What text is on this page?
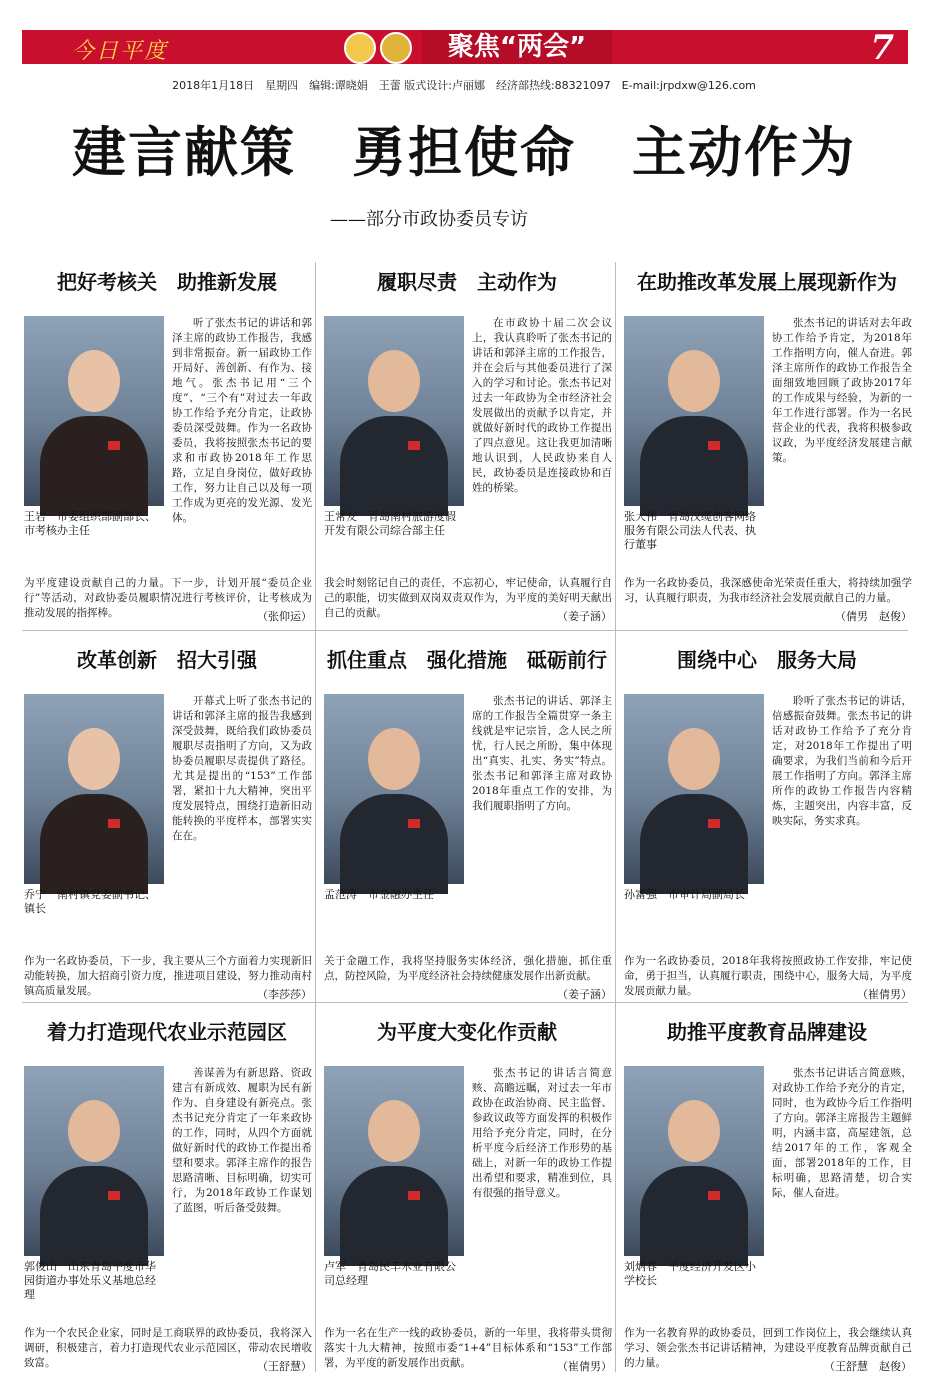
今日平度	聚焦“两会”	7
2018年1月18日　星期四　编辑:谭晓娟　王蕾 版式设计:卢丽娜　经济部热线:88321097　E-mail:jrpdxw@126.com
建言献策　勇担使命　主动作为
——部分市政协委员专访
把好考核关　助推新发展
王岩　市委组织部副部长、市考核办主任
听了张杰书记的讲话和郭泽主席的政协工作报告，我感到非常振奋。新一届政协工作开局好、善创新、有作为、接地气。张杰书记用“三个度”、“三个有”对过去一年政协工作给予充分肯定，让政协委员深受鼓舞。作为一名政协委员，我将按照张杰书记的要求和市政协2018年工作思路，立足自身岗位，做好政协工作，努力让自己以及每一项工作成为更亮的发光源、发光体。
为平度建设贡献自己的力量。下一步，计划开展“委员企业行”等活动，对政协委员履职情况进行考核评价，让考核成为推动发展的指挥棒。	（张仰运）
履职尽责　主动作为
王常友　青岛南村旅游度假开发有限公司综合部主任
在市政协十届二次会议上，我认真聆听了张杰书记的讲话和郭泽主席的工作报告，并在会后与其他委员进行了深入的学习和讨论。张杰书记对过去一年政协为全市经济社会发展做出的贡献予以肯定，并就做好新时代的政协工作提出了四点意见。这让我更加清晰地认识到，人民政协来自人民，政协委员是连接政协和百姓的桥梁。
我会时刻铭记自己的责任，不忘初心，牢记使命，认真履行自己的职能，切实做到双岗双责双作为，为平度的美好明天献出自己的贡献。	（姜子涵）
在助推改革发展上展现新作为
张大伟　青岛汉缆创客网络服务有限公司法人代表、执行董事
张杰书记的讲话对去年政协工作给予肯定，为2018年工作指明方向，催人奋进。郭泽主席所作的政协工作报告全面细致地回顾了政协2017年的工作成果与经验，为新的一年工作进行部署。作为一名民营企业的代表，我将积极参政议政，为平度经济发展建言献策。
作为一名政协委员，我深感使命光荣责任重大，将持续加强学习，认真履行职责，为我市经济社会发展贡献自己的力量。
（倩男　赵俊）
改革创新　招大引强
乔宁　南村镇党委副书记、镇长
开幕式上听了张杰书记的讲话和郭泽主席的报告我感到深受鼓舞，既给我们政协委员履职尽责指明了方向，又为政协委员履职尽责提供了路径。尤其是提出的“153”工作部署，紧扣十九大精神，突出平度发展特点，围绕打造新旧动能转换的平度样本，部署实实在在。
作为一名政协委员，下一步，我主要从三个方面着力实现新旧动能转换，加大招商引资力度，推进项目建设，努力推动南村镇高质量发展。	（李莎莎）
抓住重点　强化措施　砥砺前行
孟范涛　市金融办主任
张杰书记的讲话、郭泽主席的工作报告全篇贯穿一条主线就是牢记宗旨，念人民之所忧，行人民之所盼，集中体现出“真实、扎实、务实”特点。张杰书记和郭泽主席对政协2018年重点工作的安排，为我们履职指明了方向。
关于金融工作，我将坚持服务实体经济，强化措施，抓住重点，防控风险，为平度经济社会持续健康发展作出新贡献。
（姜子涵）
围绕中心　服务大局
孙富强　市审计局副局长
聆听了张杰书记的讲话，倍感振奋鼓舞。张杰书记的讲话对政协工作给予了充分肯定，对2018年工作提出了明确要求，为我们当前和今后开展工作指明了方向。郭泽主席所作的政协工作报告内容精炼，主题突出，内容丰富，反映实际，务实求真。
作为一名政协委员，2018年我将按照政协工作安排，牢记使命，勇于担当，认真履行职责，围绕中心，服务大局，为平度发展贡献力量。	（崔倩男）
着力打造现代农业示范园区
郭俊山　山东青岛平度市华园街道办事处乐义基地总经理
善谋善为有新思路、资政建言有新成效、履职为民有新作为、自身建设有新亮点。张杰书记充分肯定了一年来政协的工作，同时，从四个方面就做好新时代的政协工作提出希望和要求。郭泽主席作的报告思路清晰、目标明确，切实可行，为2018年政协工作谋划了蓝图，听后备受鼓舞。
作为一个农民企业家，同时是工商联界的政协委员，我将深入调研，积极建言，着力打造现代农业示范园区，带动农民增收致富。	（王舒慧）
为平度大变化作贡献
卢军　青岛民丰木业有限公司总经理
张杰书记的讲话言简意赅、高瞻远瞩，对过去一年市政协在政治协商、民主监督、参政议政等方面发挥的积极作用给予充分肯定，同时，在分析平度今后经济工作形势的基础上，对新一年的政协工作提出希望和要求，精准到位，具有很强的指导意义。
作为一名在生产一线的政协委员，新的一年里，我将带头贯彻落实十九大精神，按照市委“1+4”目标体系和“153”工作部署，为平度的新发展作出贡献。	（崔倩男）
助推平度教育品牌建设
刘炳春　平度经济开发区小学校长
张杰书记讲话言简意赅，对政协工作给予充分的肯定，同时，也为政协今后工作指明了方向。郭泽主席报告主题鲜明，内涵丰富，高屋建瓴，总结2017年的工作，客观全面，部署2018年的工作，目标明确，思路清楚，切合实际，催人奋进。
作为一名教育界的政协委员，回到工作岗位上，我会继续认真学习、领会张杰书记讲话精神，为建设平度教育品牌贡献自己的力量。	（王舒慧　赵俊）
